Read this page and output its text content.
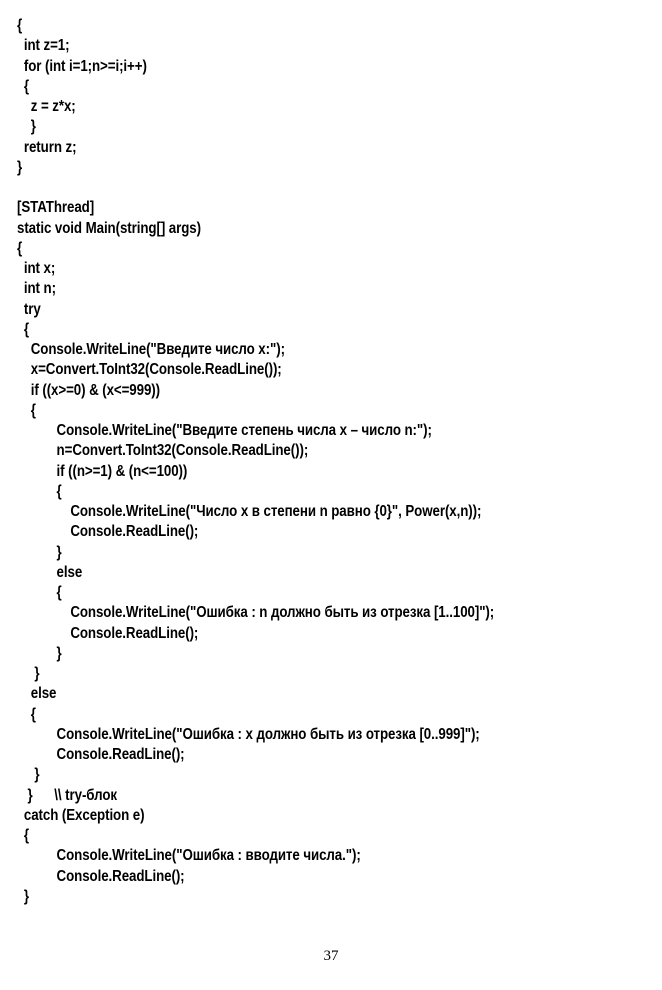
{
int z=1;
for (int i=1;n>=i;i++)
{
z = z*x;
}
return z;
}
[STAThread]
static void Main(string[] args)
{
int x;
int n;
try
{
Console.WriteLine("Введите число x:");
x=Convert.ToInt32(Console.ReadLine());
if ((x>=0) & (x<=999))
{
Console.WriteLine("Введите степень числа x – число n:");
n=Convert.ToInt32(Console.ReadLine());
if ((n>=1) & (n<=100))
{
Console.WriteLine("Число x в степени n равно {0}", Power(x,n));
Console.ReadLine();
}
else
{
Console.WriteLine("Ошибка : n должно быть из отрезка [1..100]");
Console.ReadLine();
}
}
else
{
Console.WriteLine("Ошибка : x должно быть из отрезка [0..999]");
Console.ReadLine();
}
}      \\ try-блок
catch (Exception e)
{
Console.WriteLine("Ошибка : вводите числа.");
Console.ReadLine();
}
37
